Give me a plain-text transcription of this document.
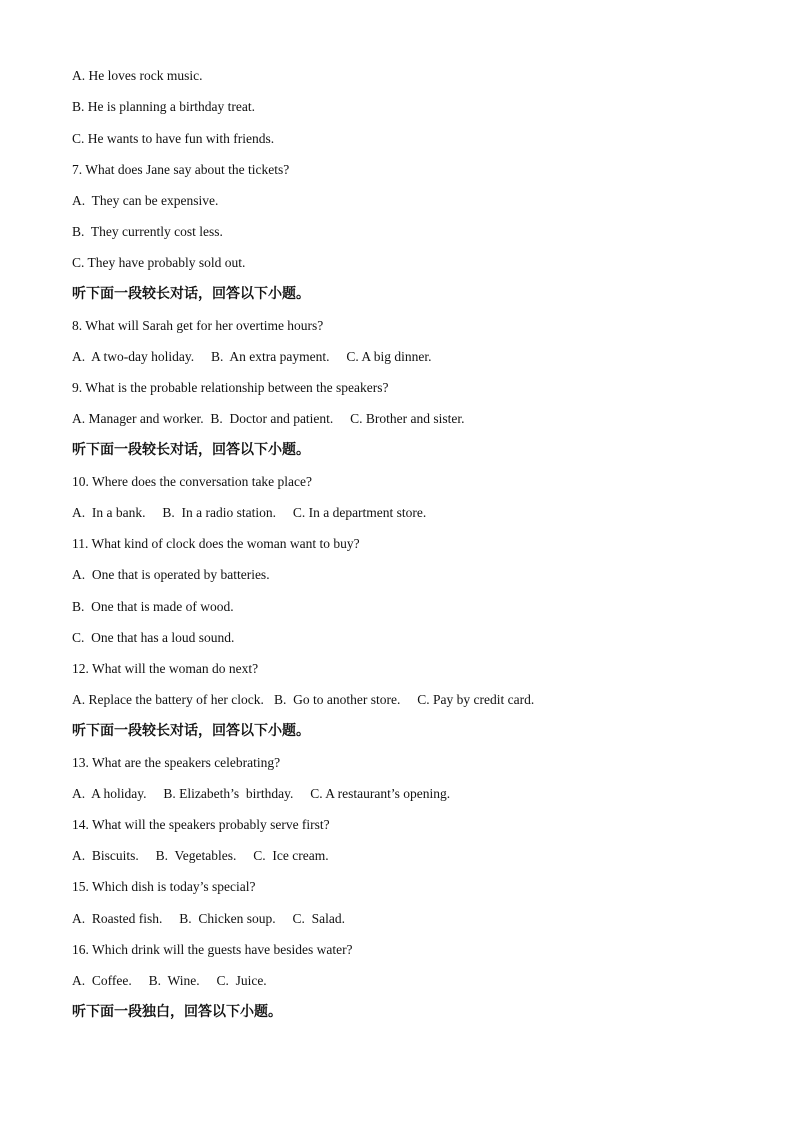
A. He loves rock music.
B. He is planning a birthday treat.
C. He wants to have fun with friends.
7. What does Jane say about the tickets?
A.  They can be expensive.
B.  They currently cost less.
C. They have probably sold out.
听下面一段较长对话，回答以下小题。
8. What will Sarah get for her overtime hours?
A.  A two-day holiday.     B.  An extra payment.     C. A big dinner.
9. What is the probable relationship between the speakers?
A. Manager and worker.  B.  Doctor and patient.     C. Brother and sister.
听下面一段较长对话，回答以下小题。
10. Where does the conversation take place?
A.  In a bank.     B.  In a radio station.     C. In a department store.
11. What kind of clock does the woman want to buy?
A.  One that is operated by batteries.
B.  One that is made of wood.
C.  One that has a loud sound.
12. What will the woman do next?
A. Replace the battery of her clock.   B.  Go to another store.     C. Pay by credit card.
听下面一段较长对话，回答以下小题。
13. What are the speakers celebrating?
A.  A holiday.     B. Elizabeth’s  birthday.     C. A restaurant’s opening.
14. What will the speakers probably serve first?
A.  Biscuits.     B.  Vegetables.     C.  Ice cream.
15. Which dish is today’s special?
A.  Roasted fish.     B.  Chicken soup.     C.  Salad.
16. Which drink will the guests have besides water?
A.  Coffee.     B.  Wine.     C.  Juice.
听下面一段独白，回答以下小题。
